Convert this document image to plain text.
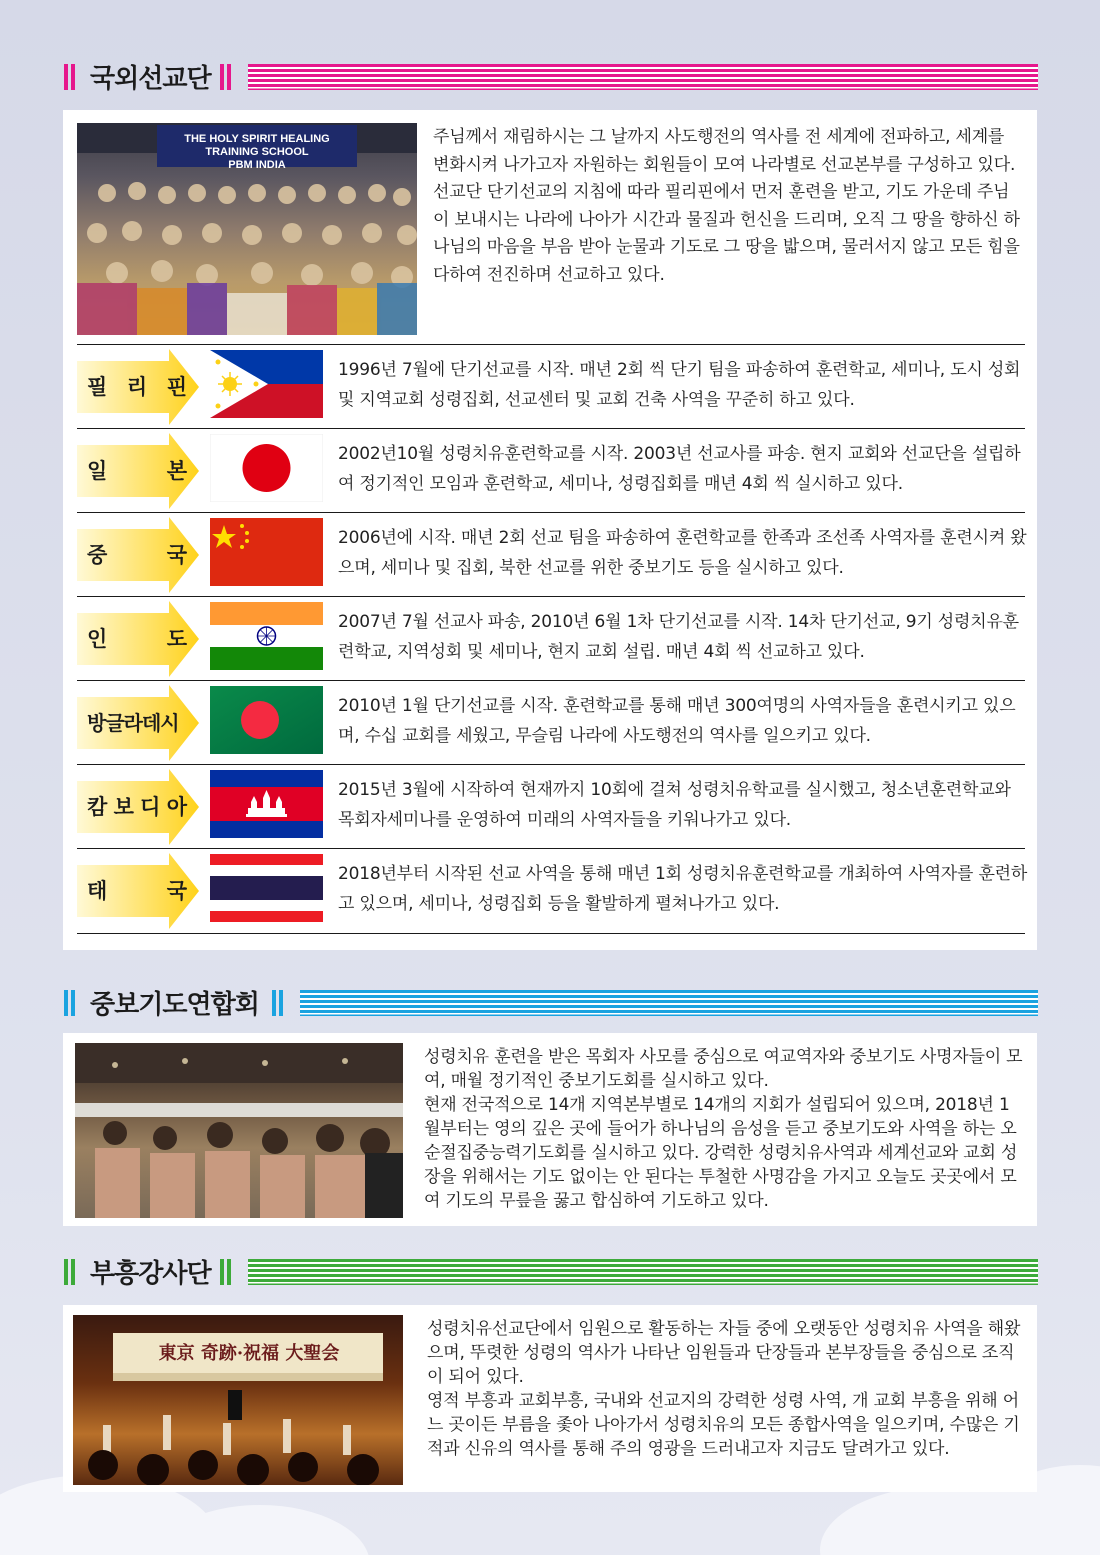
국외선교단
THE HOLY SPIRIT HEALING TRAINING SCHOOL
PBM INDIA

주님께서 재림하시는 그 날까지 사도행전의 역사를 전 세계에 전파하고, 세계를 변화시켜 나가고자 자원하는 회원들이 모여 나라별로 선교본부를 구성하고 있다.

선교단 단기선교의 지침에 따라 필리핀에서 먼저 훈련을 받고, 기도 가운데 주님이 보내시는 나라에 나아가 시간과 물질과 헌신을 드리며, 오직 그 땅을 향하신 하나님의 마음을 부음 받아 눈물과 기도로 그 땅을 밟으며, 물러서지 않고 모든 힘을 다하여 전진하며 선교하고 있다.

필 리 핀
1996년 7월에 단기선교를 시작. 매년 2회 씩 단기 팀을 파송하여 훈련학교, 세미나, 도시 성회 및 지역교회 성령집회, 선교센터 및 교회 건축 사역을 꾸준히 하고 있다.
일	본
2002년10월 성령치유훈련학교를 시작. 2003년 선교사를 파송. 현지 교회와 선교단을 설립하여 정기적인 모임과 훈련학교, 세미나, 성령집회를 매년 4회 씩 실시하고 있다.
중	국
2006년에 시작. 매년 2회 선교 팀을 파송하여 훈련학교를 한족과 조선족 사역자를 훈련시켜 왔으며, 세미나 및 집회, 북한 선교를 위한 중보기도 등을 실시하고 있다.
인	도
2007년 7월 선교사 파송, 2010년 6월 1차 단기선교를 시작. 14차 단기선교, 9기 성령치유훈련학교, 지역성회 및 세미나, 현지 교회 설립. 매년 4회 씩 선교하고 있다.
방글라데시
2010년 1월 단기선교를 시작. 훈련학교를 통해 매년 300여명의 사역자들을 훈련시키고 있으며, 수십 교회를 세웠고, 무슬림 나라에 사도행전의 역사를 일으키고 있다.
캄 보 디 아
2015년 3월에 시작하여 현재까지 10회에 걸쳐 성령치유학교를 실시했고, 청소년훈련학교와 목회자세미나를 운영하여 미래의 사역자들을 키워나가고 있다.
태	국
2018년부터 시작된 선교 사역을 통해 매년 1회 성령치유훈련학교를 개최하여 사역자를 훈련하고 있으며, 세미나, 성령집회 등을 활발하게 펼쳐나가고 있다.
중보기도연합회

성령치유 훈련을 받은 목회자 사모를 중심으로 여교역자와 중보기도 사명자들이 모여, 매월 정기적인 중보기도회를 실시하고 있다.

현재 전국적으로 14개 지역본부별로 14개의 지회가 설립되어 있으며, 2018년 1월부터는 영의 깊은 곳에 들어가 하나님의 음성을 듣고 중보기도와 사역을 하는 오순절집중능력기도회를 실시하고 있다. 강력한 성령치유사역과 세계선교와 교회 성장을 위해서는 기도 없이는 안 된다는 투철한 사명감을 가지고 오늘도 곳곳에서 모여 기도의 무릎을 꿇고 합심하여 기도하고 있다.

부흥강사단
東京 奇跡·祝福 大聖会

성령치유선교단에서 임원으로 활동하는 자들 중에 오랫동안 성령치유 사역을 해왔으며, 뚜렷한 성령의 역사가 나타난 임원들과 단장들과 본부장들을 중심으로 조직이 되어 있다.

영적 부흥과 교회부흥, 국내와 선교지의 강력한 성령 사역, 개 교회 부흥을 위해 어느 곳이든 부름을 좇아 나아가서 성령치유의 모든 종합사역을 일으키며, 수많은 기적과 신유의 역사를 통해 주의 영광을 드러내고자 지금도 달려가고 있다.
